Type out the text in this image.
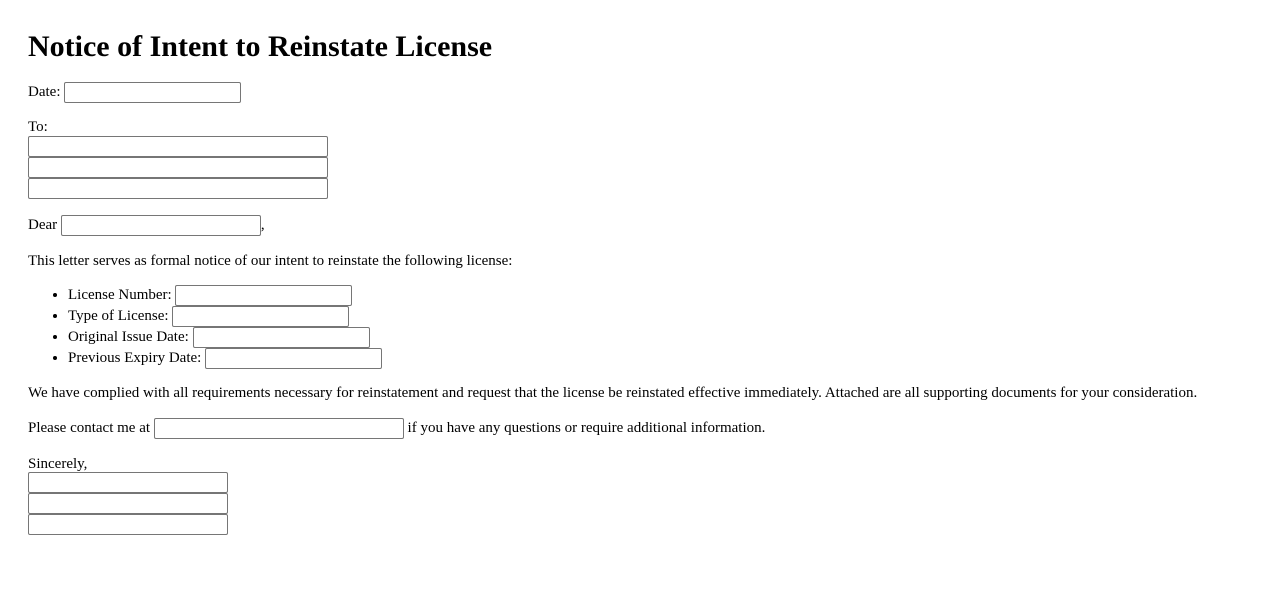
Notice of Intent to Reinstate License
Date:
To:
Dear	,

This letter serves as formal notice of our intent to reinstate the following license:

• License Number:
• Type of License:
• Original Issue Date:
• Previous Expiry Date:

We have complied with all requirements necessary for reinstatement and request that the license be reinstated effective immediately. Attached are all supporting documents for your consideration.

Please contact me at	if you have any questions or require additional information.
Sincerely,
